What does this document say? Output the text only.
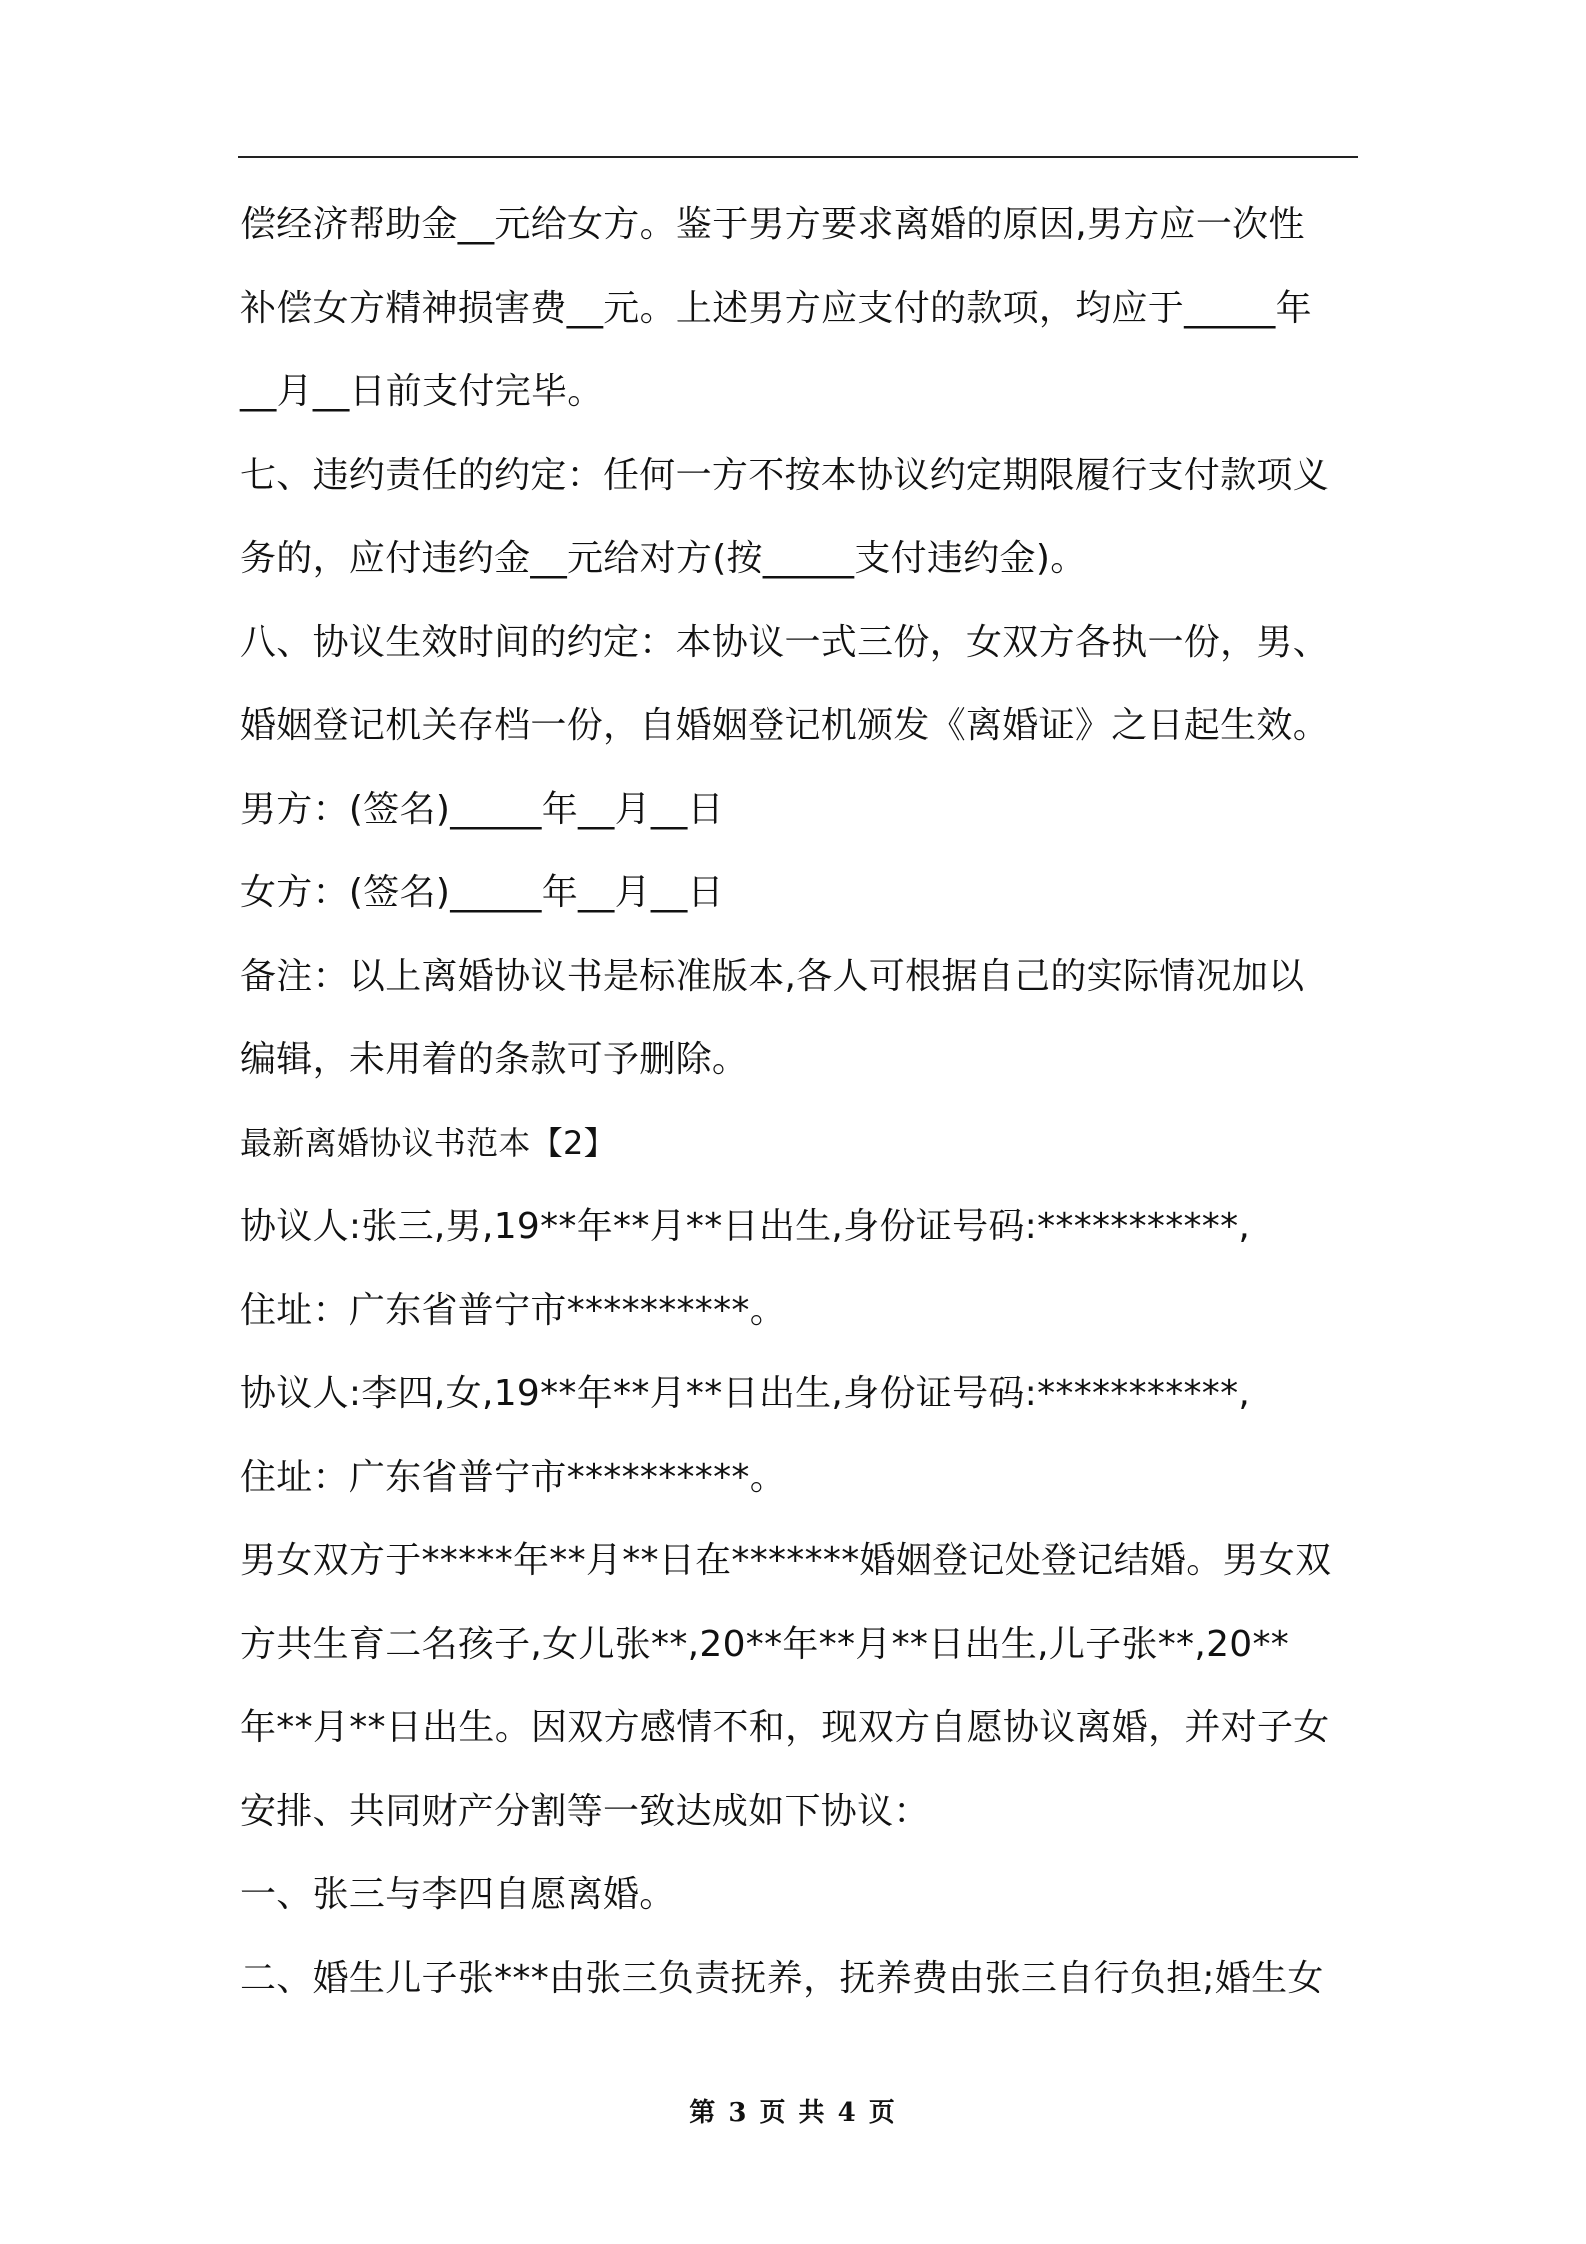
偿经济帮助金__元给女方。鉴于男方要求离婚的原因,男方应一次性
补偿女方精神损害费__元。上述男方应支付的款项，均应于_____年
__月__日前支付完毕。
七、违约责任的约定：任何一方不按本协议约定期限履行支付款项义
务的，应付违约金__元给对方(按_____支付违约金)。
八、协议生效时间的约定：本协议一式三份，女双方各执一份，男、
婚姻登记机关存档一份，自婚姻登记机颁发《离婚证》之日起生效。
男方：(签名)_____年__月__日
女方：(签名)_____年__月__日
备注：以上离婚协议书是标准版本,各人可根据自己的实际情况加以
编辑，未用着的条款可予删除。
最新离婚协议书范本【2】
协议人:张三,男,19**年**月**日出生,身份证号码:***********,
住址：广东省普宁市**********。
协议人:李四,女,19**年**月**日出生,身份证号码:***********,
住址：广东省普宁市**********。
男女双方于*****年**月**日在*******婚姻登记处登记结婚。男女双
方共生育二名孩子,女儿张**,20**年**月**日出生,儿子张**,20**
年**月**日出生。因双方感情不和，现双方自愿协议离婚，并对子女
安排、共同财产分割等一致达成如下协议：
一、张三与李四自愿离婚。
二、婚生儿子张***由张三负责抚养，抚养费由张三自行负担;婚生女
第 3 页 共 4 页
